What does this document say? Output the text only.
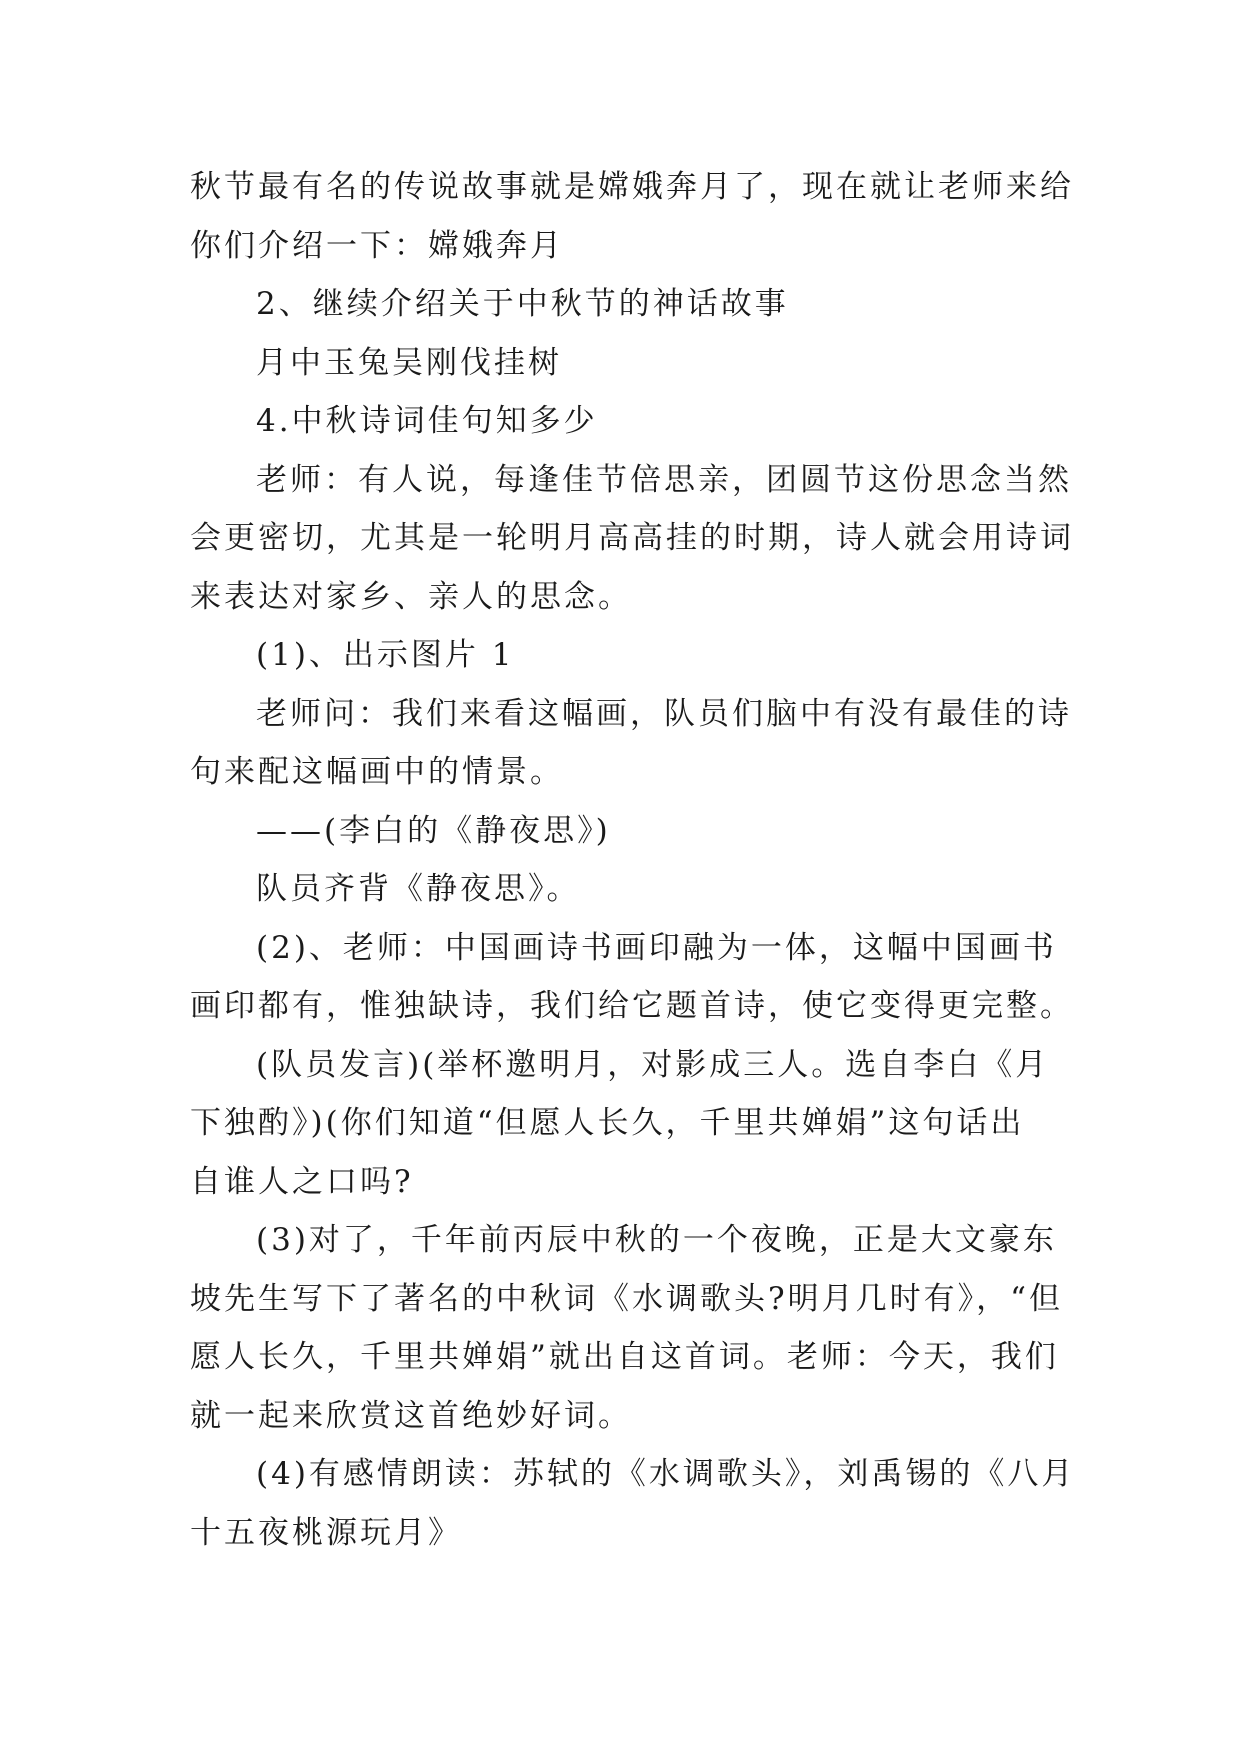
秋节最有名的传说故事就是嫦娥奔月了，现在就让老师来给
你们介绍一下：嫦娥奔月
2、继续介绍关于中秋节的神话故事
月中玉兔吴刚伐挂树
4.中秋诗词佳句知多少
老师：有人说，每逢佳节倍思亲，团圆节这份思念当然
会更密切，尤其是一轮明月高高挂的时期，诗人就会用诗词
来表达对家乡、亲人的思念。
(1)、出示图片 1
老师问：我们来看这幅画，队员们脑中有没有最佳的诗
句来配这幅画中的情景。
——(李白的《静夜思》)
队员齐背《静夜思》。
(2)、老师：中国画诗书画印融为一体，这幅中国画书
画印都有，惟独缺诗，我们给它题首诗，使它变得更完整。
(队员发言)(举杯邀明月，对影成三人。选自李白《月
下独酌》)(你们知道“但愿人长久，千里共婵娟”这句话出
自谁人之口吗?
(3)对了，千年前丙辰中秋的一个夜晚，正是大文豪东
坡先生写下了著名的中秋词《水调歌头?明月几时有》，“但
愿人长久，千里共婵娟”就出自这首词。老师：今天，我们
就一起来欣赏这首绝妙好词。
(4)有感情朗读：苏轼的《水调歌头》，刘禹锡的《八月
十五夜桃源玩月》
